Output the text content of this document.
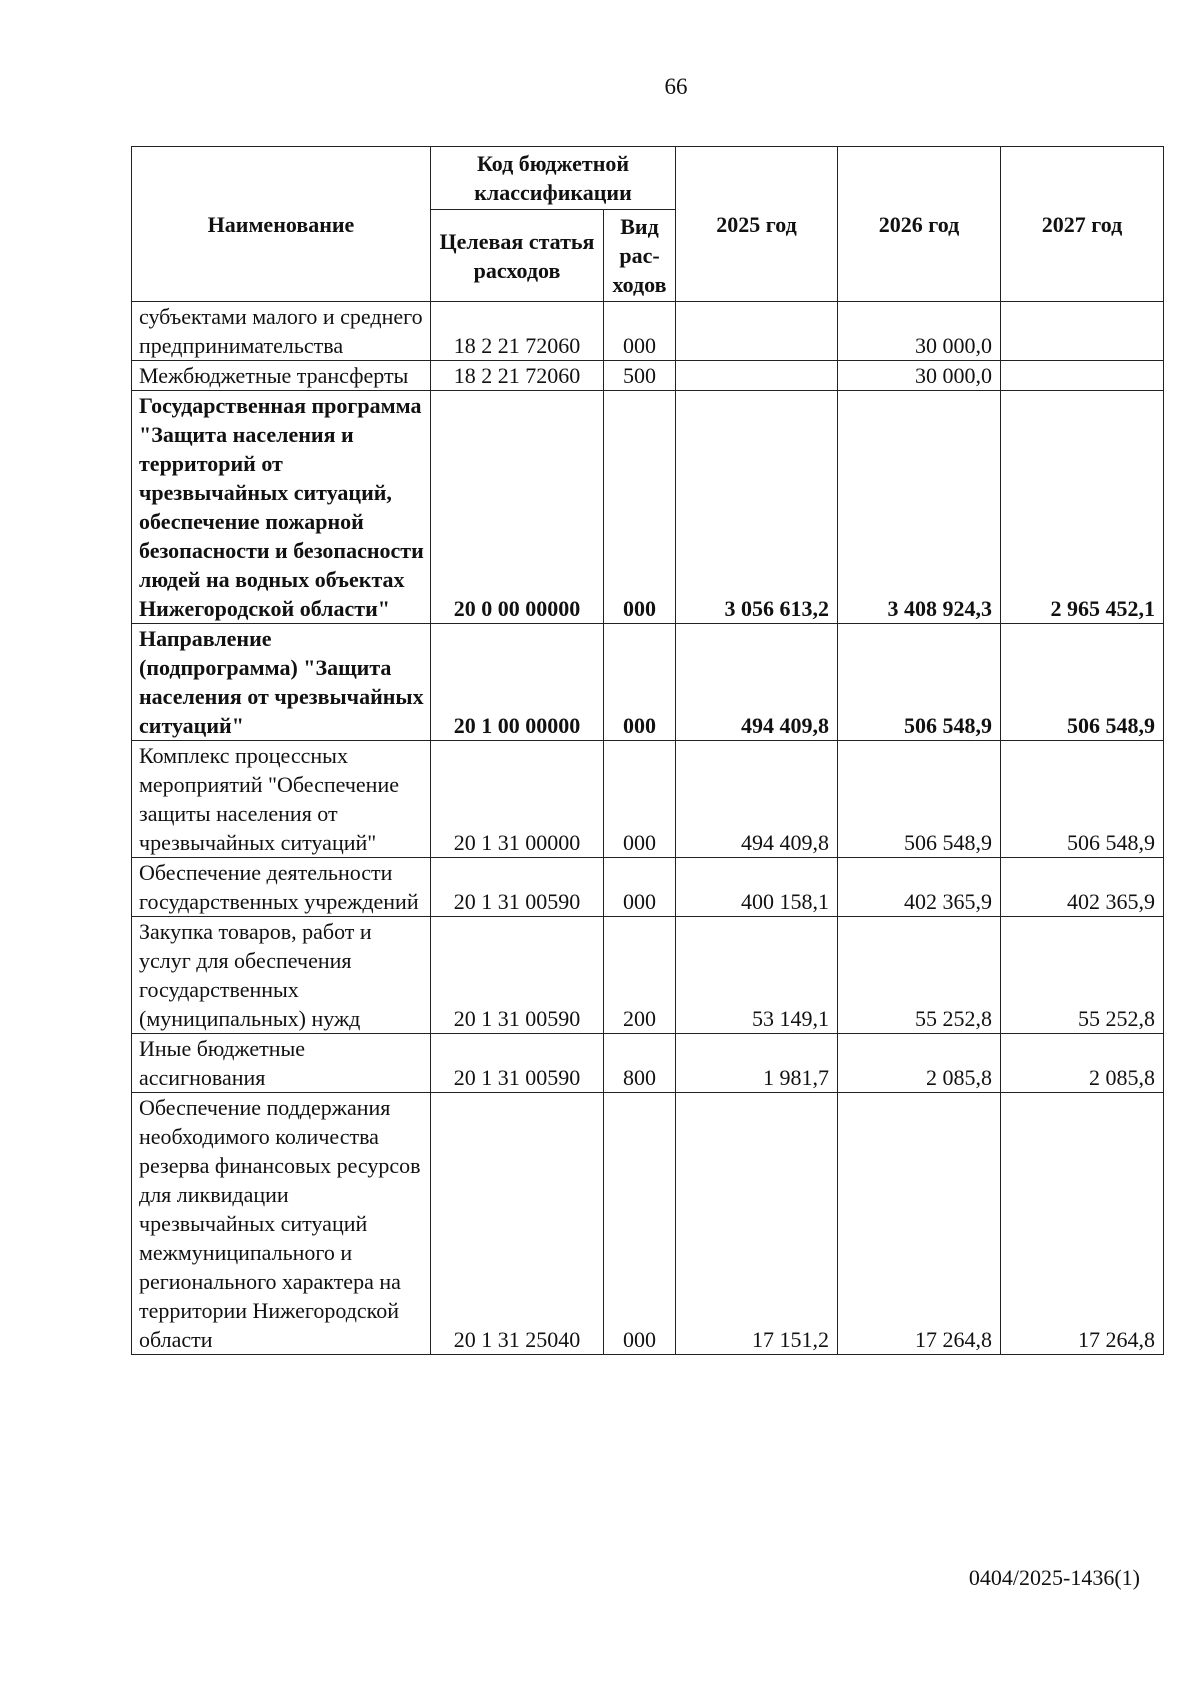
66
Наименование	Код бюджетной классификации		2025 год	2026 год	2027 год
	Целевая статья расходов	Вид рас-ходов			
субъектами малого и среднего предпринимательства	18 2 21 72060	000		30 000,0	
Межбюджетные трансферты	18 2 21 72060	500		30 000,0	
Государственная программа "Защита населения и территорий от чрезвычайных ситуаций, обеспечение пожарной безопасности и безопасности людей на водных объектах Нижегородской области"	20 0 00 00000	000	3 056 613,2	3 408 924,3	2 965 452,1
Направление (подпрограмма) "Защита населения от чрезвычайных ситуаций"	20 1 00 00000	000	494 409,8	506 548,9	506 548,9
Комплекс процессных мероприятий "Обеспечение защиты населения от чрезвычайных ситуаций"	20 1 31 00000	000	494 409,8	506 548,9	506 548,9
Обеспечение деятельности государственных учреждений	20 1 31 00590	000	400 158,1	402 365,9	402 365,9
Закупка товаров, работ и услуг для обеспечения государственных (муниципальных) нужд	20 1 31 00590	200	53 149,1	55 252,8	55 252,8
Иные бюджетные ассигнования	20 1 31 00590	800	1 981,7	2 085,8	2 085,8
Обеспечение поддержания необходимого количества резерва финансовых ресурсов для ликвидации чрезвычайных ситуаций межмуниципального и регионального характера на территории Нижегородской области	20 1 31 25040	000	17 151,2	17 264,8	17 264,8
0404/2025-1436(1)
